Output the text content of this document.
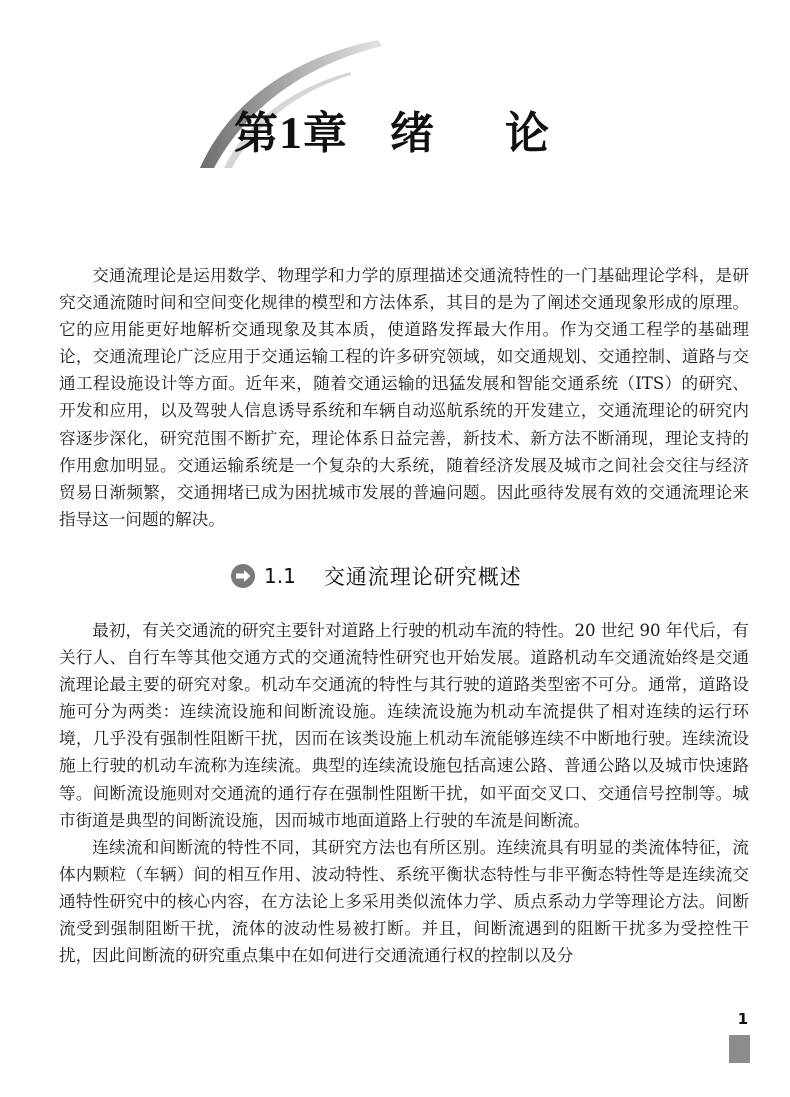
第1章 绪 论

交通流理论是运用数学、物理学和力学的原理描述交通流特性的一门基础理论学科，是研究交通流随时间和空间变化规律的模型和方法体系，其目的是为了阐述交通现象形成的原理。它的应用能更好地解析交通现象及其本质，使道路发挥最大作用。作为交通工程学的基础理论，交通流理论广泛应用于交通运输工程的许多研究领域，如交通规划、交通控制、道路与交通工程设施设计等方面。近年来，随着交通运输的迅猛发展和智能交通系统（ITS）的研究、开发和应用，以及驾驶人信息诱导系统和车辆自动巡航系统的开发建立，交通流理论的研究内容逐步深化，研究范围不断扩充，理论体系日益完善，新技术、新方法不断涌现，理论支持的作用愈加明显。交通运输系统是一个复杂的大系统，随着经济发展及城市之间社会交往与经济贸易日渐频繁，交通拥堵已成为困扰城市发展的普遍问题。因此亟待发展有效的交通流理论来指导这一问题的解决。

1.1 交通流理论研究概述

最初，有关交通流的研究主要针对道路上行驶的机动车流的特性。20 世纪 90 年代后，有关行人、自行车等其他交通方式的交通流特性研究也开始发展。道路机动车交通流始终是交通流理论最主要的研究对象。机动车交通流的特性与其行驶的道路类型密不可分。通常，道路设施可分为两类：连续流设施和间断流设施。连续流设施为机动车流提供了相对连续的运行环境，几乎没有强制性阻断干扰，因而在该类设施上机动车流能够连续不中断地行驶。连续流设施上行驶的机动车流称为连续流。典型的连续流设施包括高速公路、普通公路以及城市快速路等。间断流设施则对交通流的通行存在强制性阻断干扰，如平面交叉口、交通信号控制等。城市街道是典型的间断流设施，因而城市地面道路上行驶的车流是间断流。

连续流和间断流的特性不同，其研究方法也有所区别。连续流具有明显的类流体特征，流体内颗粒（车辆）间的相互作用、波动特性、系统平衡状态特性与非平衡态特性等是连续流交通特性研究中的核心内容，在方法论上多采用类似流体力学、质点系动力学等理论方法。间断流受到强制阻断干扰，流体的波动性易被打断。并且，间断流遇到的阻断干扰多为受控性干扰，因此间断流的研究重点集中在如何进行交通流通行权的控制以及分

1
